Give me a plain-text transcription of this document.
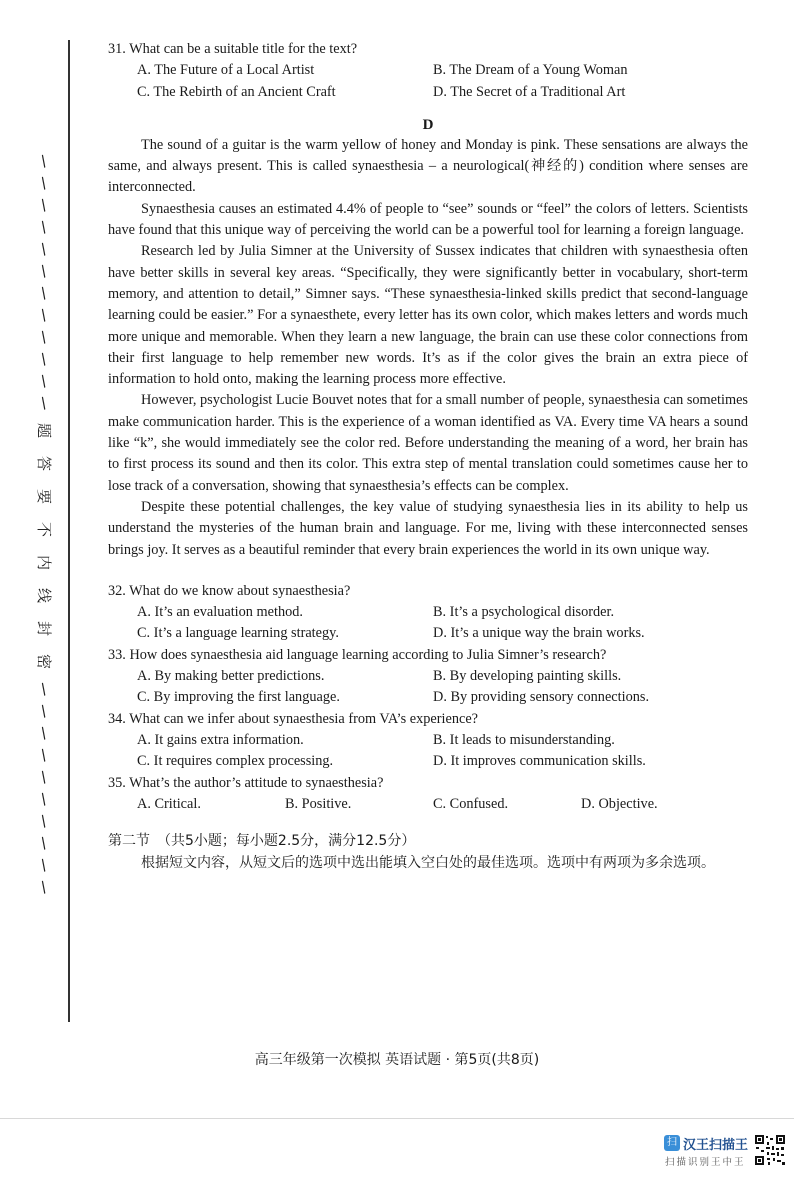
/
/
/
/
/
/
/
/
/
/
/
/
题
答
要
不
内
线
封
密
/
/
/
/
/
/
/
/
/
/

31. What can be a suitable title for the text?

A. The Future of a Local Artist	B. The Dream of a Young Woman
C. The Rebirth of an Ancient Craft	D. The Secret of a Traditional Art
D

The sound of a guitar is the warm yellow of honey and Monday is pink. These sensations are always the same, and always present. This is called synaesthesia – a neurological(神经的) condition where senses are interconnected.

Synaesthesia causes an estimated 4.4% of people to “see” sounds or “feel” the colors of letters. Scientists have found that this unique way of perceiving the world can be a powerful tool for learning a foreign language.

Research led by Julia Simner at the University of Sussex indicates that children with synaesthesia often have better skills in several key areas. “Specifically, they were significantly better in vocabulary, short-term memory, and attention to detail,” Simner says. “These synaesthesia-linked skills predict that second-language learning could be easier.” For a synaesthete, every letter has its own color, which makes letters and words much more unique and memorable. When they learn a new language, the brain can use these color connections from their first language to help remember new words. It’s as if the color gives the brain an extra piece of information to hold onto, making the learning process more effective.

However, psychologist Lucie Bouvet notes that for a small number of people, synaesthesia can sometimes make communication harder. This is the experience of a woman identified as VA. Every time VA hears a sound like “k”, she would immediately see the color red. Before understanding the meaning of a word, her brain has to first process its sound and then its color. This extra step of mental translation could sometimes cause her to lose track of a conversation, showing that synaesthesia’s effects can be complex.

Despite these potential challenges, the key value of studying synaesthesia lies in its ability to help us understand the mysteries of the human brain and language. For me, living with these interconnected senses brings joy. It serves as a beautiful reminder that every brain experiences the world in its own unique way.

32. What do we know about synaesthesia?

A. It’s an evaluation method.	B. It’s a psychological disorder.
C. It’s a language learning strategy.	D. It’s a unique way the brain works.

33. How does synaesthesia aid language learning according to Julia Simner’s research?

A. By making better predictions.	B. By developing painting skills.
C. By improving the first language.	D. By providing sensory connections.

34. What can we infer about synaesthesia from VA’s experience?

A. It gains extra information.	B. It leads to misunderstanding.
C. It requires complex processing.	D. It improves communication skills.

35. What’s the author’s attitude to synaesthesia?

A. Critical.	B. Positive.	C. Confused.	D. Objective.

第二节　（共5小题；每小题2.5分，满分12.5分）

根据短文内容，从短文后的选项中选出能填入空白处的最佳选项。选项中有两项为多余选项。

高三年级第一次模拟 英语试题 · 第5页(共8页)
扫 汉王扫描王
扫描识别王中王
